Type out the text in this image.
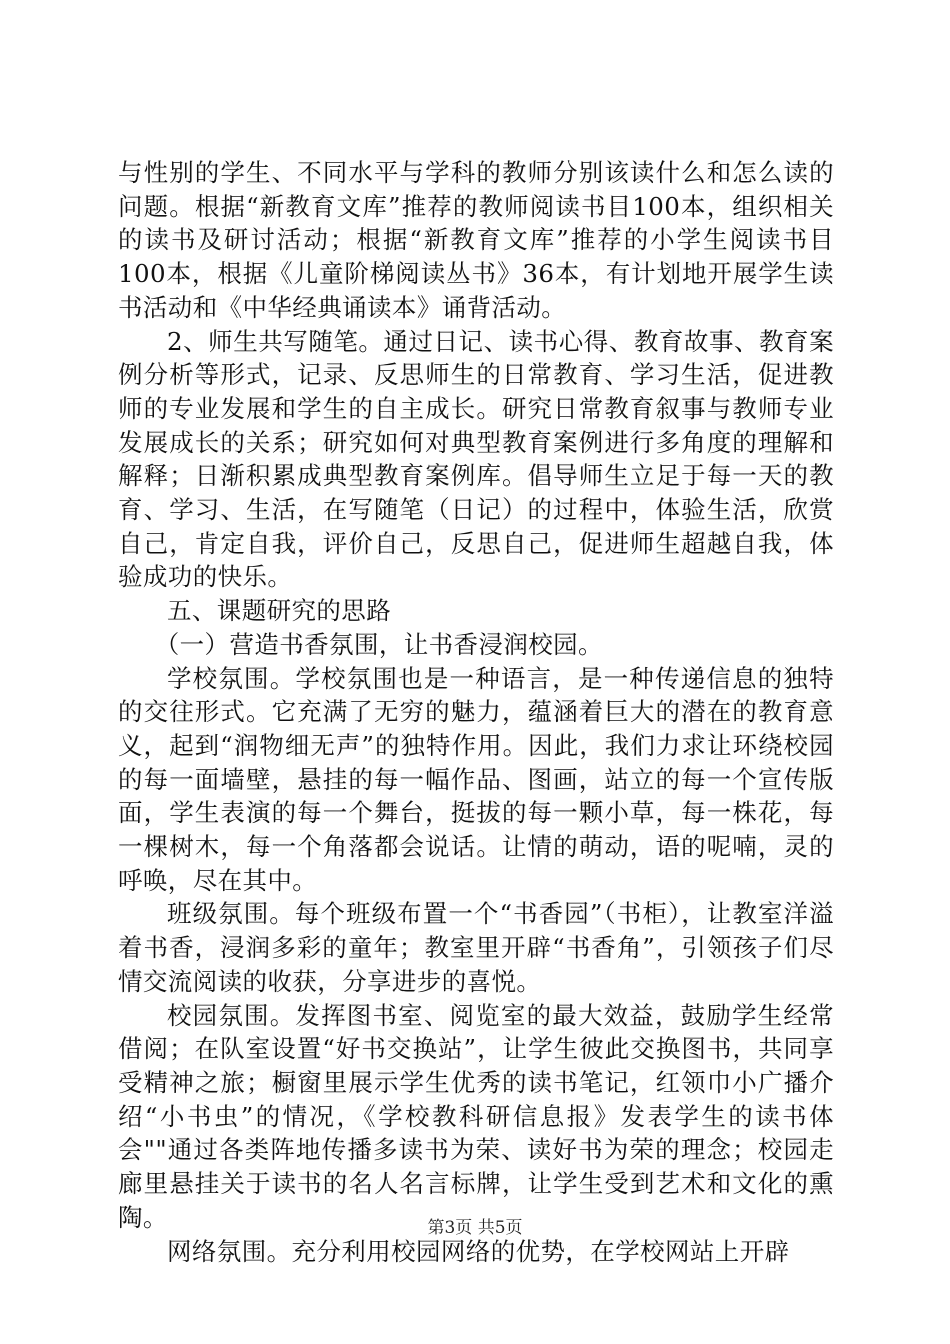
与性别的学生、不同水平与学科的教师分别该读什么和怎么读的问题。根据“新教育文库”推荐的教师阅读书目100本，组织相关的读书及研讨活动；根据“新教育文库”推荐的小学生阅读书目100本，根据《儿童阶梯阅读丛书》36本，有计划地开展学生读书活动和《中华经典诵读本》诵背活动。

2、师生共写随笔。通过日记、读书心得、教育故事、教育案例分析等形式，记录、反思师生的日常教育、学习生活，促进教师的专业发展和学生的自主成长。研究日常教育叙事与教师专业发展成长的关系；研究如何对典型教育案例进行多角度的理解和解释；日渐积累成典型教育案例库。倡导师生立足于每一天的教育、学习、生活，在写随笔（日记）的过程中，体验生活，欣赏自己，肯定自我，评价自己，反思自己，促进师生超越自我，体验成功的快乐。

五、课题研究的思路

（一）营造书香氛围，让书香浸润校园。

学校氛围。学校氛围也是一种语言，是一种传递信息的独特的交往形式。它充满了无穷的魅力，蕴涵着巨大的潜在的教育意义，起到“润物细无声”的独特作用。因此，我们力求让环绕校园的每一面墙壁，悬挂的每一幅作品、图画，站立的每一个宣传版面，学生表演的每一个舞台，挺拔的每一颗小草，每一株花，每一棵树木，每一个角落都会说话。让情的萌动，语的呢喃，灵的呼唤，尽在其中。

班级氛围。每个班级布置一个“书香园”（书柜），让教室洋溢着书香，浸润多彩的童年；教室里开辟“书香角”，引领孩子们尽情交流阅读的收获，分享进步的喜悦。

校园氛围。发挥图书室、阅览室的最大效益，鼓励学生经常借阅；在队室设置“好书交换站”，让学生彼此交换图书，共同享受精神之旅；橱窗里展示学生优秀的读书笔记，红领巾小广播介绍“小书虫”的情况，《学校教科研信息报》发表学生的读书体会""通过各类阵地传播多读书为荣、读好书为荣的理念；校园走廊里悬挂关于读书的名人名言标牌，让学生受到艺术和文化的熏陶。

网络氛围。充分利用校园网络的优势，在学校网站上开辟

第3页 共5页
